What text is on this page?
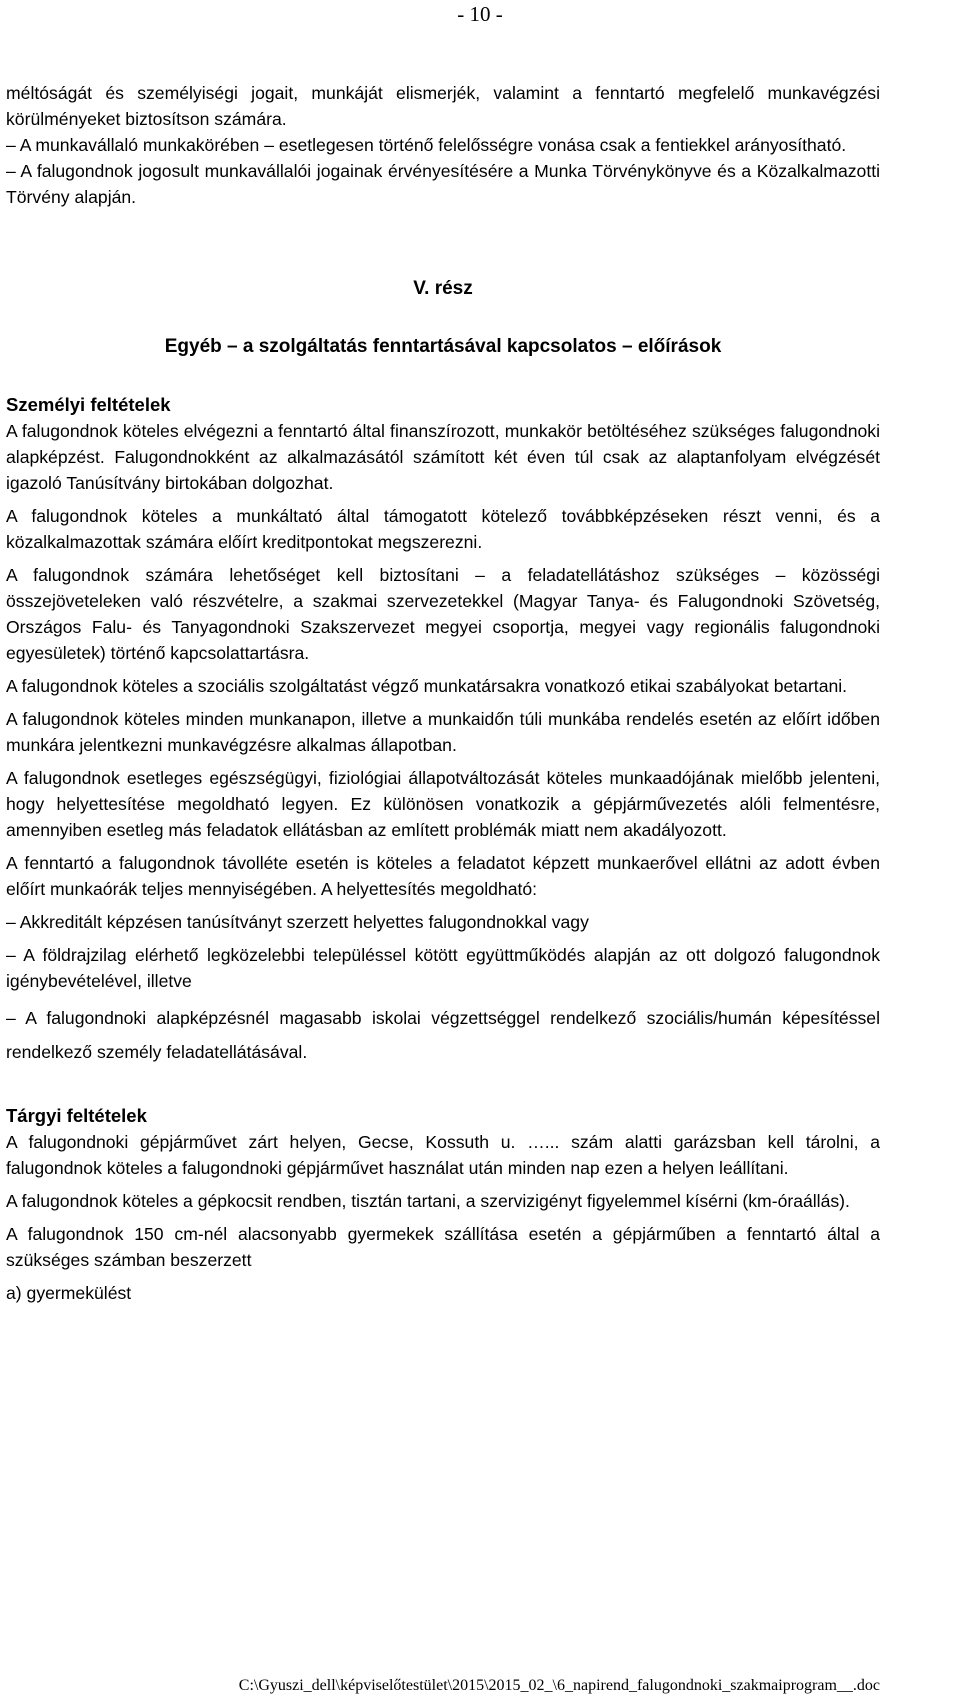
- 10 -

méltóságát és személyiségi jogait, munkáját elismerjék, valamint a fenntartó megfelelő munkavégzési körülményeket biztosítson számára.

– A munkavállaló munkakörében – esetlegesen történő felelősségre vonása csak a fentiekkel arányosítható.

– A falugondnok jogosult munkavállalói jogainak érvényesítésére a Munka Törvénykönyve és a Közalkalmazotti Törvény alapján.

V. rész

Egyéb – a szolgáltatás fenntartásával kapcsolatos – előírások

Személyi feltételek

A falugondnok köteles elvégezni a fenntartó által finanszírozott, munkakör betöltéséhez szükséges falugondnoki alapképzést. Falugondnokként az alkalmazásától számított két éven túl csak az alaptanfolyam elvégzését igazoló Tanúsítvány birtokában dolgozhat.

A falugondnok köteles a munkáltató által támogatott kötelező továbbképzéseken részt venni, és a közalkalmazottak számára előírt kreditpontokat megszerezni.

A falugondnok számára lehetőséget kell biztosítani – a feladatellátáshoz szükséges – közösségi összejöveteleken való részvételre, a szakmai szervezetekkel (Magyar Tanya- és Falugondnoki Szövetség, Országos Falu- és Tanyagondnoki Szakszervezet megyei csoportja, megyei vagy regionális falugondnoki egyesületek) történő kapcsolattartásra.

A falugondnok köteles a szociális szolgáltatást végző munkatársakra vonatkozó etikai szabályokat betartani.

A falugondnok köteles minden munkanapon, illetve a munkaidőn túli munkába rendelés esetén az előírt időben munkára jelentkezni munkavégzésre alkalmas állapotban.

A falugondnok esetleges egészségügyi, fiziológiai állapotváltozását köteles munkaadójának mielőbb jelenteni, hogy helyettesítése megoldható legyen. Ez különösen vonatkozik a gépjárművezetés alóli felmentésre, amennyiben esetleg más feladatok ellátásban az említett problémák miatt nem akadályozott.

A fenntartó a falugondnok távolléte esetén is köteles a feladatot képzett munkaerővel ellátni az adott évben előírt munkaórák teljes mennyiségében. A helyettesítés megoldható:

– Akkreditált képzésen tanúsítványt szerzett helyettes falugondnokkal vagy

– A földrajzilag elérhető legközelebbi településsel kötött együttműködés alapján az ott dolgozó falugondnok igénybevételével, illetve

– A falugondnoki alapképzésnél magasabb iskolai végzettséggel rendelkező szociális/humán képesítéssel rendelkező személy feladatellátásával.

Tárgyi feltételek

A falugondnoki gépjárművet zárt helyen, Gecse, Kossuth u. …... szám alatti garázsban kell tárolni, a falugondnok köteles a falugondnoki gépjárművet használat után minden nap ezen a helyen leállítani.

A falugondnok köteles a gépkocsit rendben, tisztán tartani, a szervizigényt figyelemmel kísérni (km-óraállás).

A falugondnok 150 cm-nél alacsonyabb gyermekek szállítása esetén a gépjárműben a fenntartó által a szükséges számban beszerzett

a) gyermekülést

C:\Gyuszi_dell\képviselőtestület\2015\2015_02_\6_napirend_falugondnoki_szakmaiprogram__.doc
